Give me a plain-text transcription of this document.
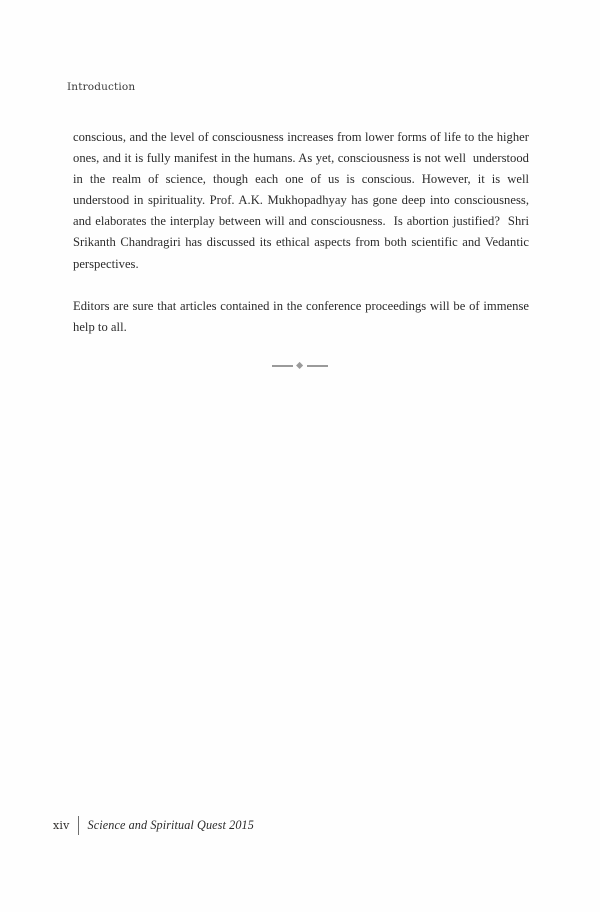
Introduction

conscious, and the level of consciousness increases from lower forms of life to the higher ones, and it is fully manifest in the humans. As yet, consciousness is not well  understood in the realm of science, though each one of us is conscious. However, it is well understood in spirituality. Prof. A.K. Mukhopadhyay has gone deep into consciousness, and elaborates the interplay between will and consciousness.  Is abortion justified?  Shri Srikanth Chandragiri has discussed its ethical aspects from both scientific and Vedantic perspectives.

Editors are sure that articles contained in the conference proceedings will be of immense help to all.

xiv	Science and Spiritual Quest 2015
